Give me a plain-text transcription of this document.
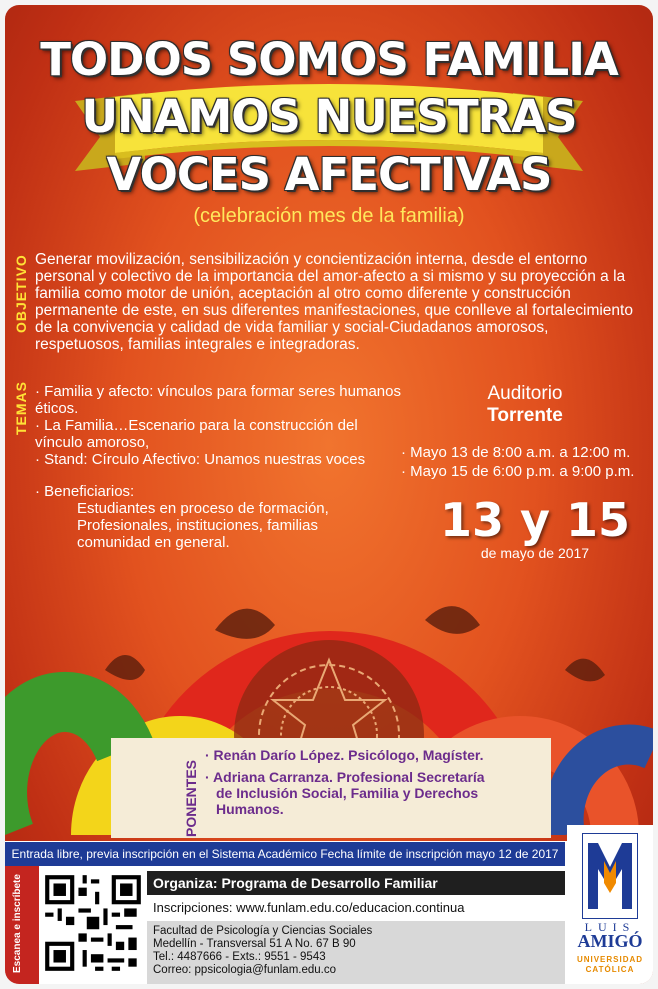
TODOS SOMOS FAMILIA
UNAMOS NUESTRAS
VOCES AFECTIVAS
(celebración mes de la familia)
OBJETIVO Generar movilización, sensibilización y concientización interna, desde el entorno personal y colectivo de la importancia del amor-afecto a si mismo y su proyección a la familia como motor de unión, aceptación al otro como diferente y construcción permanente de este, en sus diferentes manifestaciones, que conlleve al fortalecimiento de la convivencia y calidad de vida familiar y social-Ciudadanos amorosos, respetuosos, familias integrales e integradoras.
TEMAS · Familia y afecto: vínculos para formar seres humanos éticos.
· La Familia…Escenario para la construcción del vínculo amoroso,
· Stand: Círculo Afectivo: Unamos nuestras voces
· Beneficiarios:
Estudiantes en proceso de formación, Profesionales, instituciones, familias comunidad en general.
Auditorio
Torrente
· Mayo 13 de 8:00 a.m. a 12:00 m.
· Mayo 15 de 6:00 p.m. a 9:00 p.m.
13 y 15
de mayo de 2017
PONENTES
· Renán Darío López. Psicólogo, Magíster.
· Adriana Carranza. Profesional Secretaría
de Inclusión Social, Familia y Derechos Humanos.
Entrada libre, previa inscripción en el Sistema Académico Fecha límite de inscripción mayo 12 de 2017
Escanea e inscríbete	Organiza: Programa de Desarrollo Familiar
Inscripciones: www.funlam.edu.co/educacion.continua
Facultad de Psicología y Ciencias Sociales
Medellín - Transversal 51 A No. 67 B 90
Tel.: 4487666 - Exts.: 9551 - 9543
Correo: ppsicologia@funlam.edu.co
LUIS
AMIGÓ
UNIVERSIDAD CATÓLICA
